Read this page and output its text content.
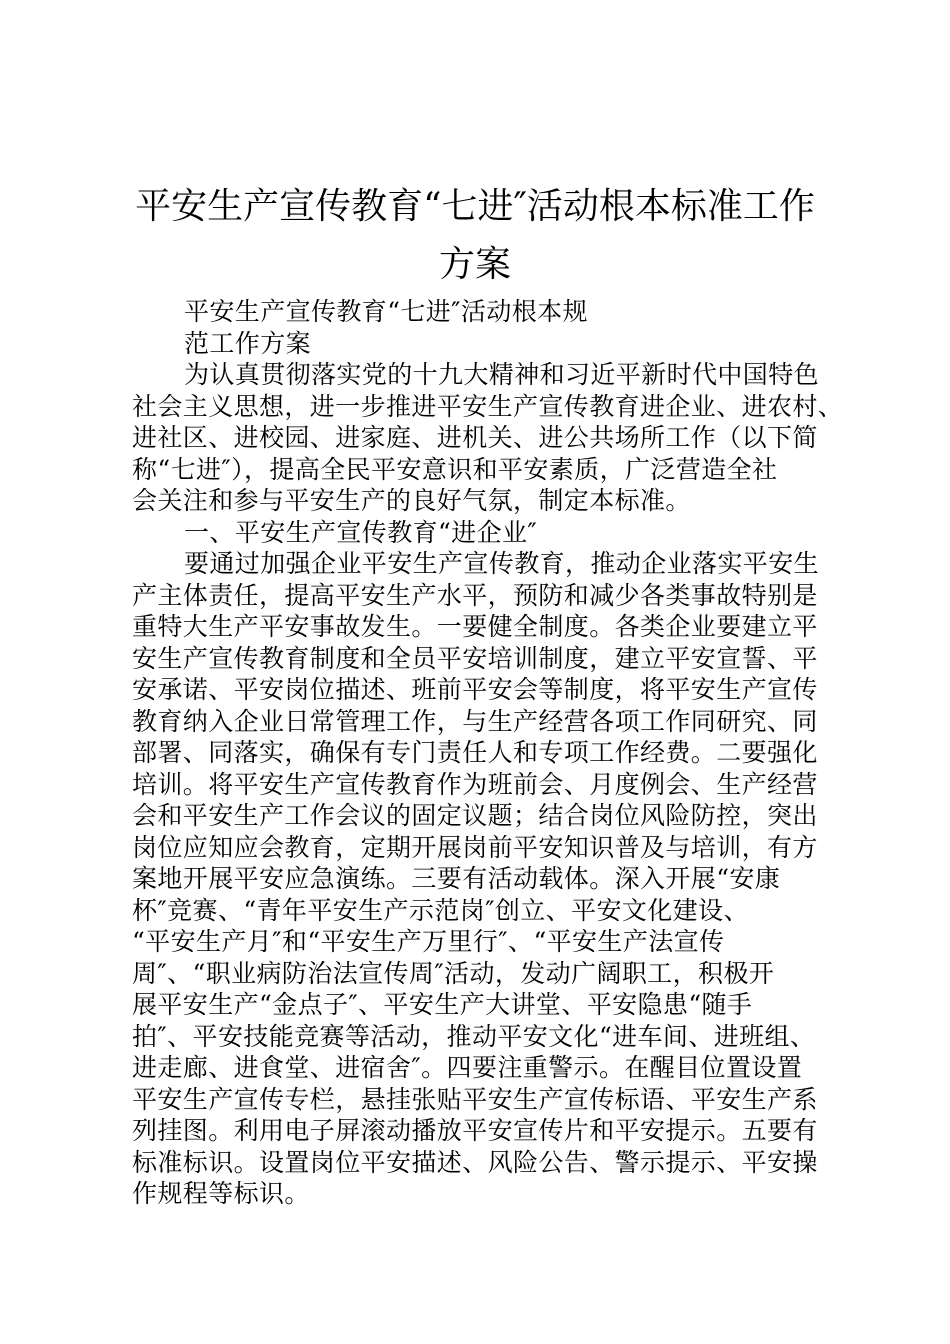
平安生产宣传教育“七进″活动根本标准工作
方案
平安生产宣传教育“七进″活动根本规
范工作方案
为认真贯彻落实党的十九大精神和习近平新时代中国特色
社会主义思想，进一步推进平安生产宣传教育进企业、进农村、
进社区、进校园、进家庭、进机关、进公共场所工作（以下简
称“七进″），提高全民平安意识和平安素质，广泛营造全社
会关注和参与平安生产的良好气氛，制定本标准。
一、平安生产宣传教育“进企业″
要通过加强企业平安生产宣传教育，推动企业落实平安生
产主体责任，提高平安生产水平，预防和减少各类事故特别是
重特大生产平安事故发生。一要健全制度。各类企业要建立平
安生产宣传教育制度和全员平安培训制度，建立平安宣誓、平
安承诺、平安岗位描述、班前平安会等制度，将平安生产宣传
教育纳入企业日常管理工作，与生产经营各项工作同研究、同
部署、同落实，确保有专门责任人和专项工作经费。二要强化
培训。将平安生产宣传教育作为班前会、月度例会、生产经营
会和平安生产工作会议的固定议题；结合岗位风险防控，突出
岗位应知应会教育，定期开展岗前平安知识普及与培训，有方
案地开展平安应急演练。三要有活动载体。深入开展“安康
杯″竞赛、“青年平安生产示范岗″创立、平安文化建设、
“平安生产月″和“平安生产万里行″、“平安生产法宣传
周″、“职业病防治法宣传周″活动，发动广阔职工，积极开
展平安生产“金点子″、平安生产大讲堂、平安隐患“随手
拍″、平安技能竞赛等活动，推动平安文化“进车间、进班组、
进走廊、进食堂、进宿舍″。四要注重警示。在醒目位置设置
平安生产宣传专栏，悬挂张贴平安生产宣传标语、平安生产系
列挂图。利用电子屏滚动播放平安宣传片和平安提示。五要有
标准标识。设置岗位平安描述、风险公告、警示提示、平安操
作规程等标识。
